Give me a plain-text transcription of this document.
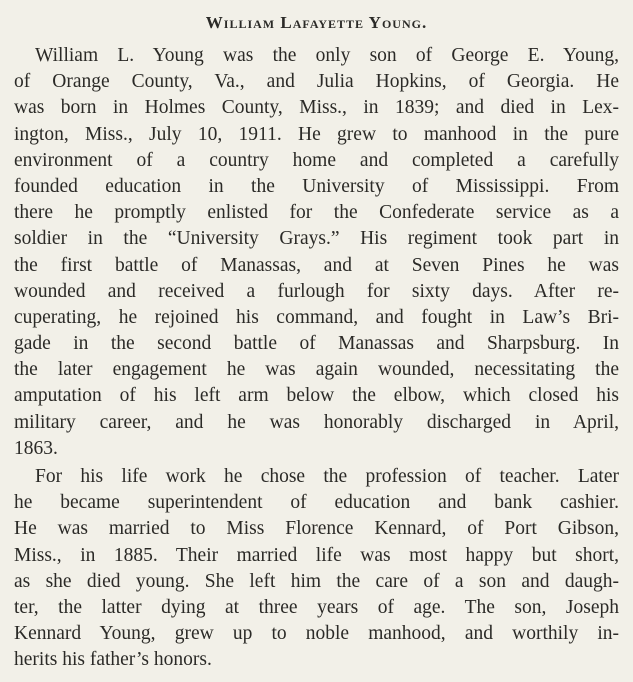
William Lafayette Young.
William L. Young was the only son of George E. Young,
of Orange County, Va., and Julia Hopkins, of Georgia. He
was born in Holmes County, Miss., in 1839; and died in Lex-
ington, Miss., July 10, 1911. He grew to manhood in the pure
environment of a country home and completed a carefully
founded education in the University of Mississippi. From
there he promptly enlisted for the Confederate service as a
soldier in the “University Grays.” His regiment took part in
the first battle of Manassas, and at Seven Pines he was
wounded and received a furlough for sixty days. After re-
cuperating, he rejoined his command, and fought in Law’s Bri-
gade in the second battle of Manassas and Sharpsburg. In
the later engagement he was again wounded, necessitating the
amputation of his left arm below the elbow, which closed his
military career, and he was honorably discharged in April,
1863.
For his life work he chose the profession of teacher. Later
he became superintendent of education and bank cashier.
He was married to Miss Florence Kennard, of Port Gibson,
Miss., in 1885. Their married life was most happy but short,
as she died young. She left him the care of a son and daugh-
ter, the latter dying at three years of age. The son, Joseph
Kennard Young, grew up to noble manhood, and worthily in-
herits his father’s honors.
